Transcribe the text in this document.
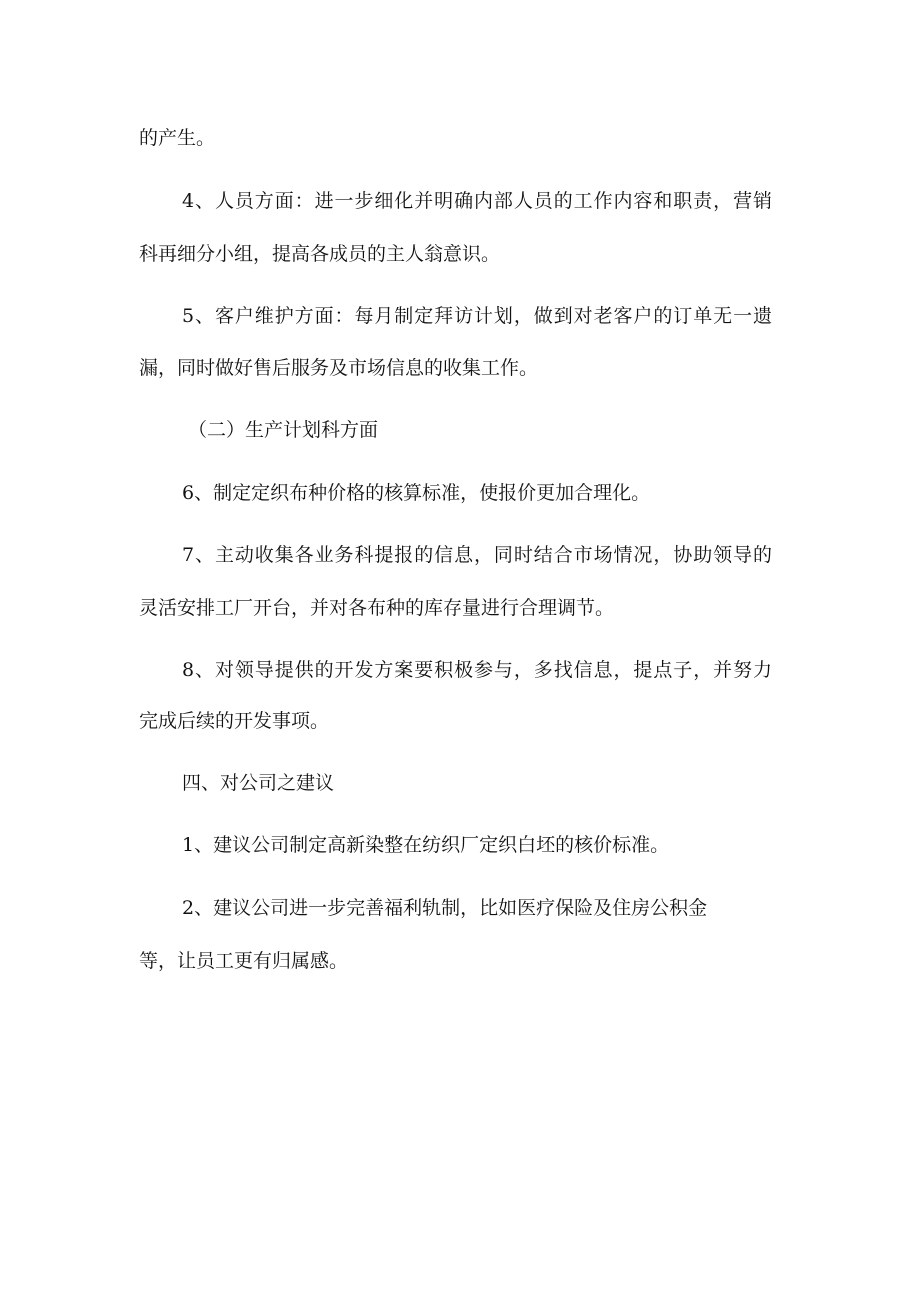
的产生。
4、人员方面：进一步细化并明确内部人员的工作内容和职责，营销
科再细分小组，提高各成员的主人翁意识。
5、客户维护方面：每月制定拜访计划，做到对老客户的订单无一遗
漏，同时做好售后服务及市场信息的收集工作。
（二）生产计划科方面
6、制定定织布种价格的核算标准，使报价更加合理化。
7、主动收集各业务科提报的信息，同时结合市场情况，协助领导的
灵活安排工厂开台，并对各布种的库存量进行合理调节。
8、对领导提供的开发方案要积极参与，多找信息，提点子，并努力
完成后续的开发事项。
四、对公司之建议
1、建议公司制定高新染整在纺织厂定织白坯的核价标准。
2、建议公司进一步完善福利轨制，比如医疗保险及住房公积金
等，让员工更有归属感。
